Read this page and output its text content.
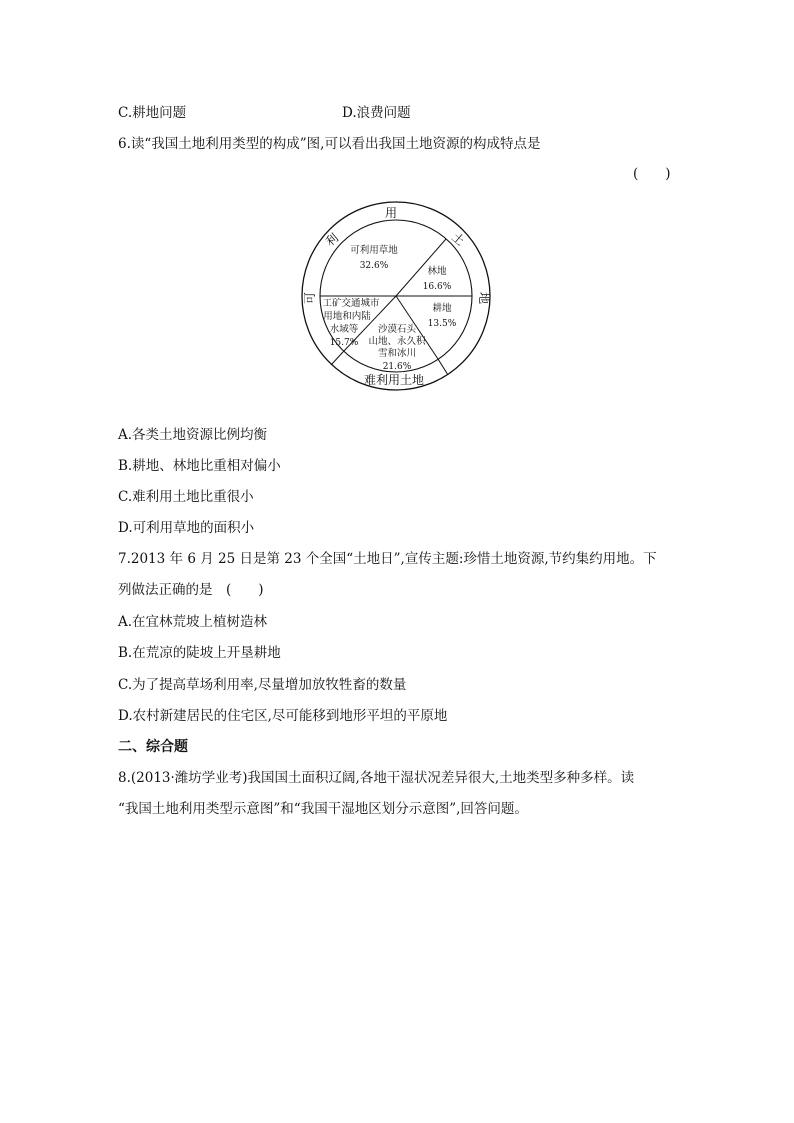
C.耕地问题	D.浪费问题
6.读“我国土地利用类型的构成”图,可以看出我国土地资源的构成特点是
(　　)
可
利
用
土
地
难利用土地
可利用草地
32.6%	林地
16.6%
耕地
13.5%
沙漠石头
山地、永久积
雪和冰川
21.6%
工矿交通城市
用地和内陆
水域等
15.7%
A.各类土地资源比例均衡
B.耕地、林地比重相对偏小
C.难利用土地比重很小
D.可利用草地的面积小
7.2013 年 6 月 25 日是第 23 个全国“土地日”,宣传主题:珍惜土地资源,节约集约用地。下
列做法正确的是　(　　)
A.在宜林荒坡上植树造林
B.在荒凉的陡坡上开垦耕地
C.为了提高草场利用率,尽量增加放牧牲畜的数量
D.农村新建居民的住宅区,尽可能移到地形平坦的平原地
二、综合题
8.(2013·潍坊学业考)我国国土面积辽阔,各地干湿状况差异很大,土地类型多种多样。读
“我国土地利用类型示意图”和“我国干湿地区划分示意图”,回答问题。
